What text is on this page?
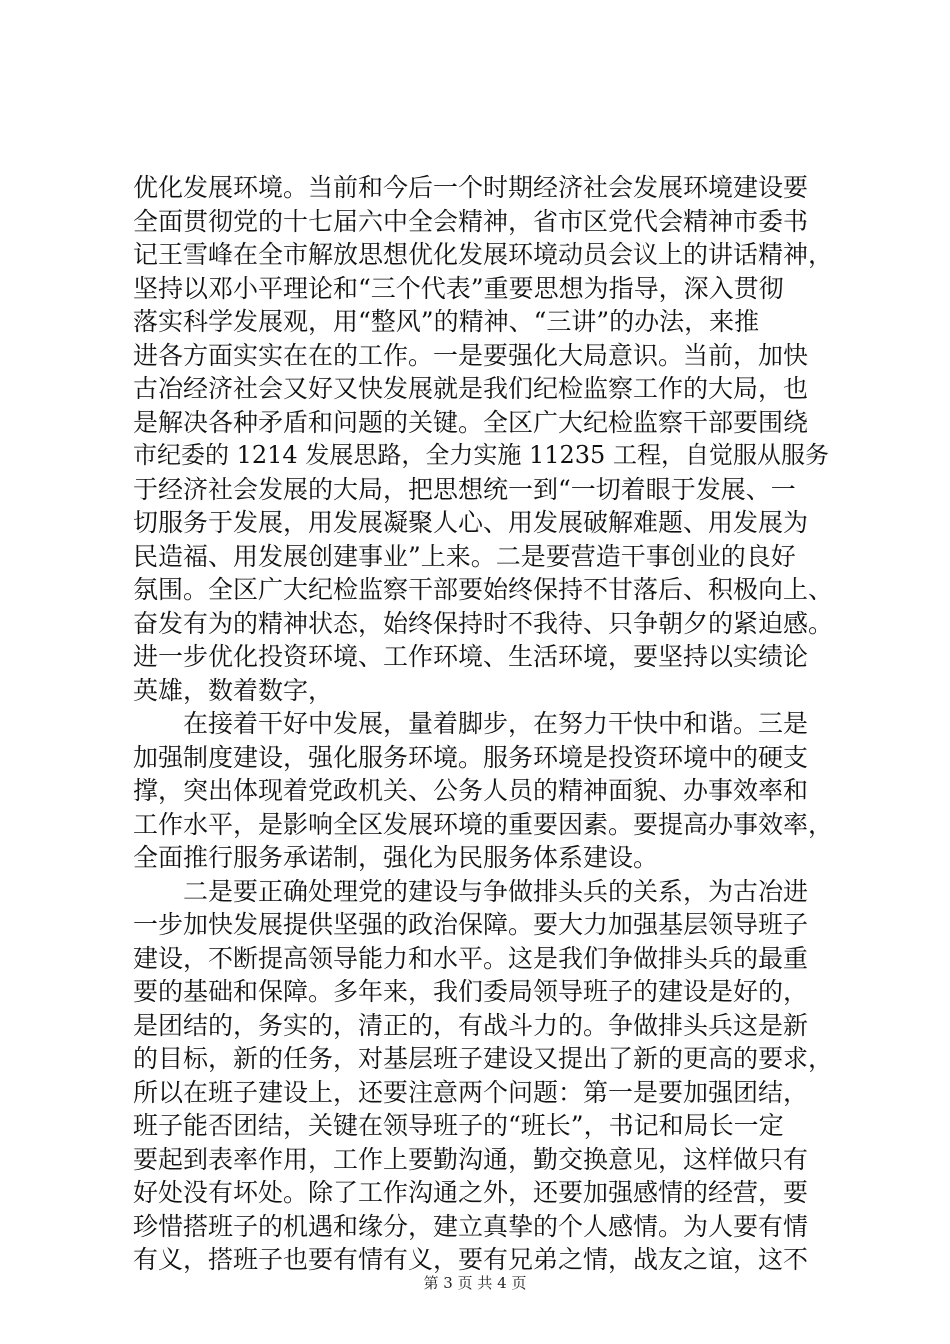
优化发展环境。当前和今后一个时期经济社会发展环境建设要
全面贯彻党的十七届六中全会精神，省市区党代会精神市委书
记王雪峰在全市解放思想优化发展环境动员会议上的讲话精神，
坚持以邓小平理论和“三个代表”重要思想为指导，深入贯彻
落实科学发展观，用“整风”的精神、“三讲”的办法，来推
进各方面实实在在的工作。一是要强化大局意识。当前，加快
古冶经济社会又好又快发展就是我们纪检监察工作的大局，也
是解决各种矛盾和问题的关键。全区广大纪检监察干部要围绕
市纪委的 1214 发展思路，全力实施 11235 工程，自觉服从服务
于经济社会发展的大局，把思想统一到“一切着眼于发展、一
切服务于发展，用发展凝聚人心、用发展破解难题、用发展为
民造福、用发展创建事业”上来。二是要营造干事创业的良好
氛围。全区广大纪检监察干部要始终保持不甘落后、积极向上、
奋发有为的精神状态，始终保持时不我待、只争朝夕的紧迫感。
进一步优化投资环境、工作环境、生活环境，要坚持以实绩论
英雄，数着数字，
　　在接着干好中发展，量着脚步，在努力干快中和谐。三是
加强制度建设，强化服务环境。服务环境是投资环境中的硬支
撑，突出体现着党政机关、公务人员的精神面貌、办事效率和
工作水平，是影响全区发展环境的重要因素。要提高办事效率，
全面推行服务承诺制，强化为民服务体系建设。
　　二是要正确处理党的建设与争做排头兵的关系，为古冶进
一步加快发展提供坚强的政治保障。要大力加强基层领导班子
建设，不断提高领导能力和水平。这是我们争做排头兵的最重
要的基础和保障。多年来，我们委局领导班子的建设是好的，
是团结的，务实的，清正的，有战斗力的。争做排头兵这是新
的目标，新的任务，对基层班子建设又提出了新的更高的要求，
所以在班子建设上，还要注意两个问题：第一是要加强团结，
班子能否团结，关键在领导班子的“班长”，书记和局长一定
要起到表率作用，工作上要勤沟通，勤交换意见，这样做只有
好处没有坏处。除了工作沟通之外，还要加强感情的经营，要
珍惜搭班子的机遇和缘分，建立真挚的个人感情。为人要有情
有义，搭班子也要有情有义，要有兄弟之情，战友之谊，这不
第 3 页 共 4 页
